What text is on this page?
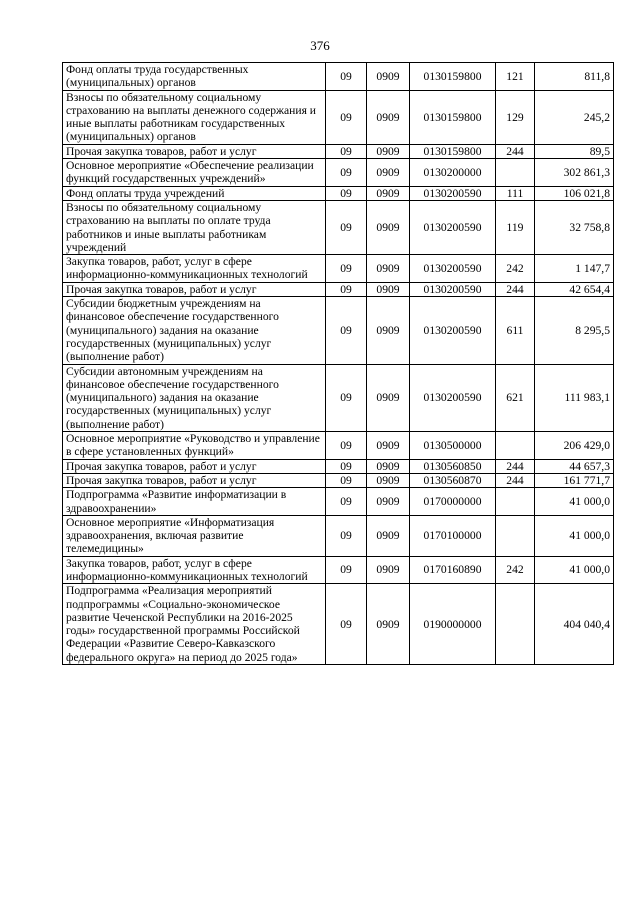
376
Фонд оплаты труда государственных (муниципальных) органов	09	0909	0130159800	121	811,8
Взносы по обязательному социальному страхованию на выплаты денежного содержания и иные выплаты работникам государственных (муниципальных) органов	09	0909	0130159800	129	245,2
Прочая закупка товаров, работ и услуг	09	0909	0130159800	244	89,5
Основное мероприятие «Обеспечение реализации функций государственных учреждений»	09	0909	0130200000		302 861,3
Фонд оплаты труда учреждений	09	0909	0130200590	111	106 021,8
Взносы по обязательному социальному страхованию на выплаты по оплате труда работников и иные выплаты работникам учреждений	09	0909	0130200590	119	32 758,8
Закупка товаров, работ, услуг в сфере информационно-коммуникационных технологий	09	0909	0130200590	242	1 147,7
Прочая закупка товаров, работ и услуг	09	0909	0130200590	244	42 654,4
Субсидии бюджетным учреждениям на финансовое обеспечение государственного (муниципального) задания на оказание государственных (муниципальных) услуг (выполнение работ)	09	0909	0130200590	611	8 295,5
Субсидии автономным учреждениям на финансовое обеспечение государственного (муниципального) задания на оказание государственных (муниципальных) услуг (выполнение работ)	09	0909	0130200590	621	111 983,1
Основное мероприятие «Руководство и управление в сфере установленных функций»	09	0909	0130500000		206 429,0
Прочая закупка товаров, работ и услуг	09	0909	0130560850	244	44 657,3
Прочая закупка товаров, работ и услуг	09	0909	0130560870	244	161 771,7
Подпрограмма «Развитие информатизации в здравоохранении»	09	0909	0170000000		41 000,0
Основное мероприятие «Информатизация здравоохранения, включая развитие телемедицины»	09	0909	0170100000		41 000,0
Закупка товаров, работ, услуг в сфере информационно-коммуникационных технологий	09	0909	0170160890	242	41 000,0
Подпрограмма «Реализация мероприятий подпрограммы «Социально-экономическое развитие Чеченской Республики на 2016-2025 годы» государственной программы Российской Федерации «Развитие Северо-Кавказского федерального округа» на период до 2025 года»	09	0909	0190000000		404 040,4
